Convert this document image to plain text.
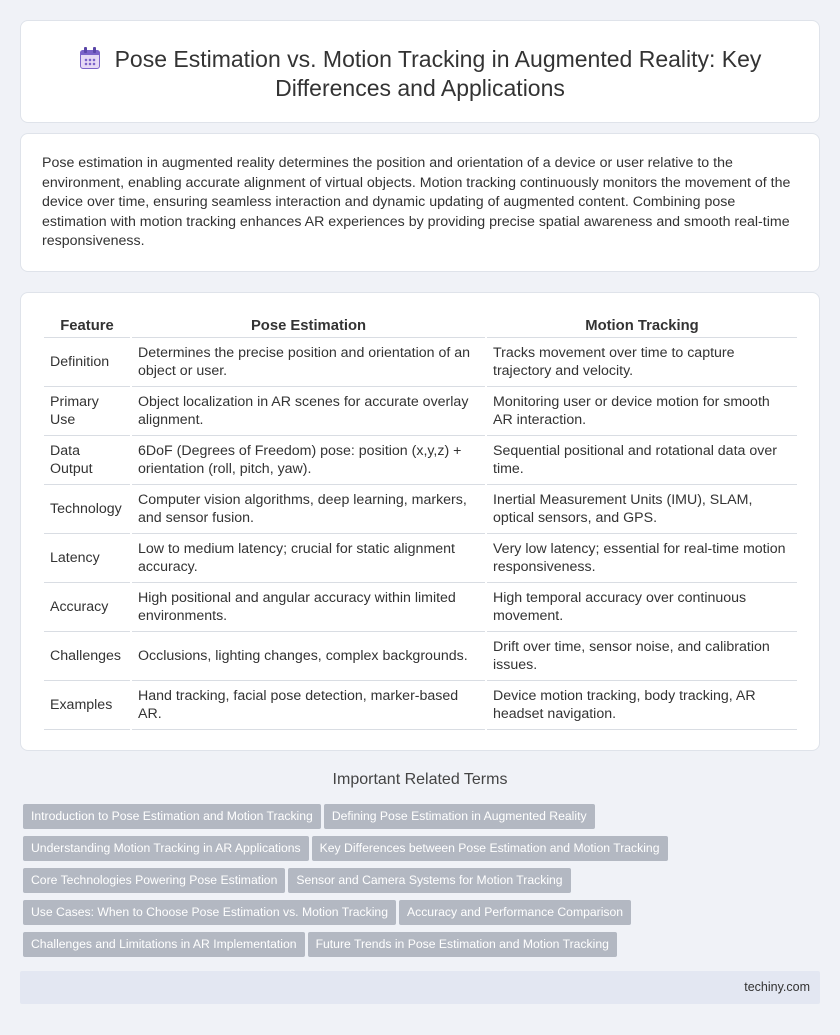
Pose Estimation vs. Motion Tracking in Augmented Reality: Key Differences and Applications

Pose estimation in augmented reality determines the position and orientation of a device or user relative to the environment, enabling accurate alignment of virtual objects. Motion tracking continuously monitors the movement of the device over time, ensuring seamless interaction and dynamic updating of augmented content. Combining pose estimation with motion tracking enhances AR experiences by providing precise spatial awareness and smooth real-time responsiveness.

Feature	Pose Estimation	Motion Tracking
Definition	Determines the precise position and orientation of an object or user.	Tracks movement over time to capture trajectory and velocity.
Primary Use	Object localization in AR scenes for accurate overlay alignment.	Monitoring user or device motion for smooth AR interaction.
Data Output	6DoF (Degrees of Freedom) pose: position (x,y,z) + orientation (roll, pitch, yaw).	Sequential positional and rotational data over time.
Technology	Computer vision algorithms, deep learning, markers, and sensor fusion.	Inertial Measurement Units (IMU), SLAM, optical sensors, and GPS.
Latency	Low to medium latency; crucial for static alignment accuracy.	Very low latency; essential for real-time motion responsiveness.
Accuracy	High positional and angular accuracy within limited environments.	High temporal accuracy over continuous movement.
Challenges	Occlusions, lighting changes, complex backgrounds.	Drift over time, sensor noise, and calibration issues.
Examples	Hand tracking, facial pose detection, marker-based AR.	Device motion tracking, body tracking, AR headset navigation.
Important Related Terms
Introduction to Pose Estimation and Motion Tracking Defining Pose Estimation in Augmented Reality
Understanding Motion Tracking in AR Applications Key Differences between Pose Estimation and Motion Tracking
Core Technologies Powering Pose Estimation Sensor and Camera Systems for Motion Tracking
Use Cases: When to Choose Pose Estimation vs. Motion Tracking Accuracy and Performance Comparison
Challenges and Limitations in AR Implementation Future Trends in Pose Estimation and Motion Tracking
techiny.com
